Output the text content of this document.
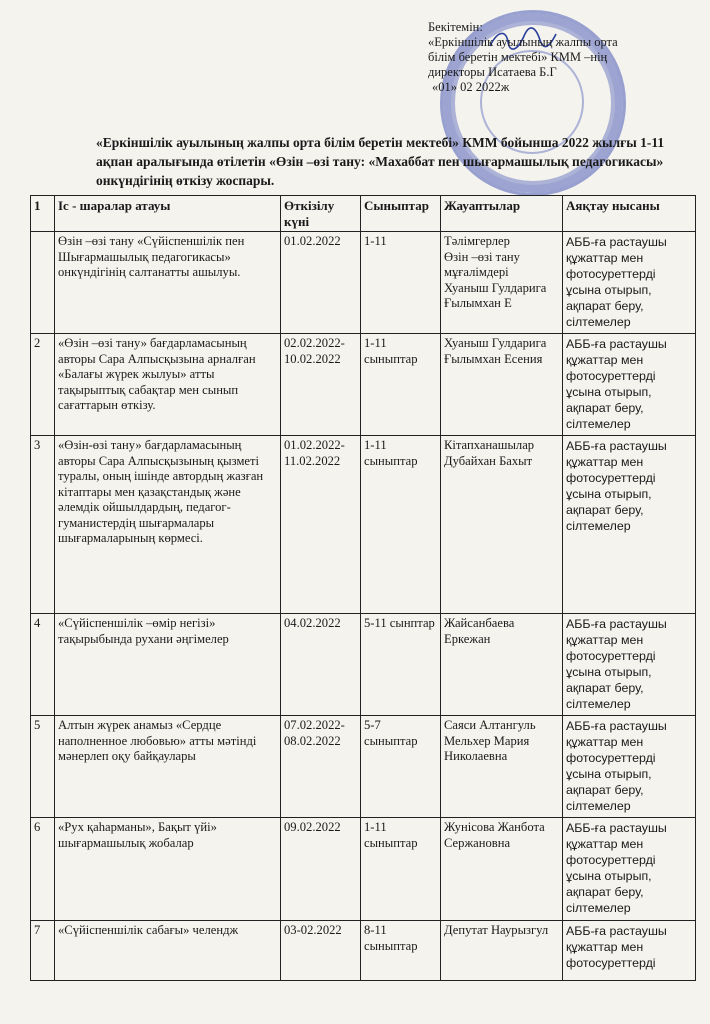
Бекітемін:
«Еркіншілік ауылының жалпы орта
білім беретін мектебі» КММ –нің
директоры Исатаева Б.Г
«01» 02 2022ж
«Еркіншілік ауылының жалпы орта білім беретін мектебі» КММ бойынша 2022 жылғы 1-11 ақпан аралығында өтілетін «Өзін –өзі тану: «Махаббат пен шығармашылық педагогикасы» онкүндігінің өткізу жоспары.
1	Іс - шаралар атауы	Өткізілу күні	Сыныптар	Жауаптылар	Аяқтау нысаны
	Өзін –өзі тану «Сүйіспеншілік пен Шығармашылық педагогикасы» онкүндігінің салтанатты ашылуы.	01.02.2022	1-11	Тәлімгерлер
Өзін –өзі тану мұғалімдері
Хуаныш Гулдарига
Ғылымхан Е	АББ-ға растаушы құжаттар мен фотосуреттерді ұсына отырып, ақпарат беру, сілтемелер
2	«Өзін –өзі тану» бағдарламасының авторы Сара Алпысқызына арналған «Балағы жүрек жылуы» атты тақырыптық сабақтар мен сынып сағаттарын өткізу.	02.02.2022-10.02.2022	1-11 сыныптар	Хуаныш Гулдарига
Ғылымхан Есения	АББ-ға растаушы құжаттар мен фотосуреттерді ұсына отырып, ақпарат беру, сілтемелер
3	«Өзін-өзі тану» бағдарламасының авторы Сара Алпысқызының қызметі туралы, оның ішінде автордың жазған кітаптары мен қазақстандық және әлемдік ойшылдардың, педагог-гуманистердің шығармалары шығармаларының көрмесі.	01.02.2022-11.02.2022	1-11 сыныптар	Кітапханашылар Дубайхан Бахыт	АББ-ға растаушы құжаттар мен фотосуреттерді ұсына отырып, ақпарат беру, сілтемелер
4	«Сүйіспеншілік –өмір негізі» тақырыбында рухани әңгімелер	04.02.2022	5-11 сынптар	Жайсанбаева Еркежан	АББ-ға растаушы құжаттар мен фотосуреттерді ұсына отырып, ақпарат беру, сілтемелер
5	Алтын жүрек анамыз «Сердце наполненное любовью» атты мәтінді мәнерлеп оқу байқаулары	07.02.2022-08.02.2022	5-7 сыныптар	Саяси Алтангуль
Мельхер Мария Николаевна	АББ-ға растаушы құжаттар мен фотосуреттерді ұсына отырып, ақпарат беру, сілтемелер
6	«Рух қаһарманы», Бақыт үйі» шығармашылық жобалар	09.02.2022	1-11 сыныптар	Жунісова Жанбота Сержановна	АББ-ға растаушы құжаттар мен фотосуреттерді ұсына отырып, ақпарат беру, сілтемелер
7	«Сүйіспеншілік сабағы» челендж	03-02.2022	8-11 сыныптар	Депутат Наурызгул	АББ-ға растаушы құжаттар мен фотосуреттерді
